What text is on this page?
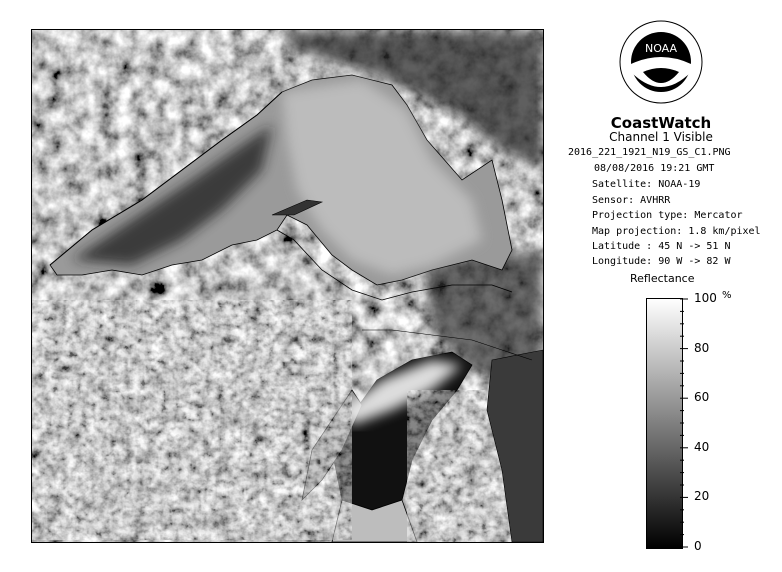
NOAA
CoastWatch
Channel 1 Visible
2016_221_1921_N19_GS_C1.PNG
08/08/2016 19:21 GMT
Satellite: NOAA-19
Sensor: AVHRR
Projection type: Mercator
Map projection: 1.8 km/pixel
Latitude : 45 N -> 51 N
Longitude: 90 W -> 82 W
Reflectance
%
100
80
60
40
20
0
